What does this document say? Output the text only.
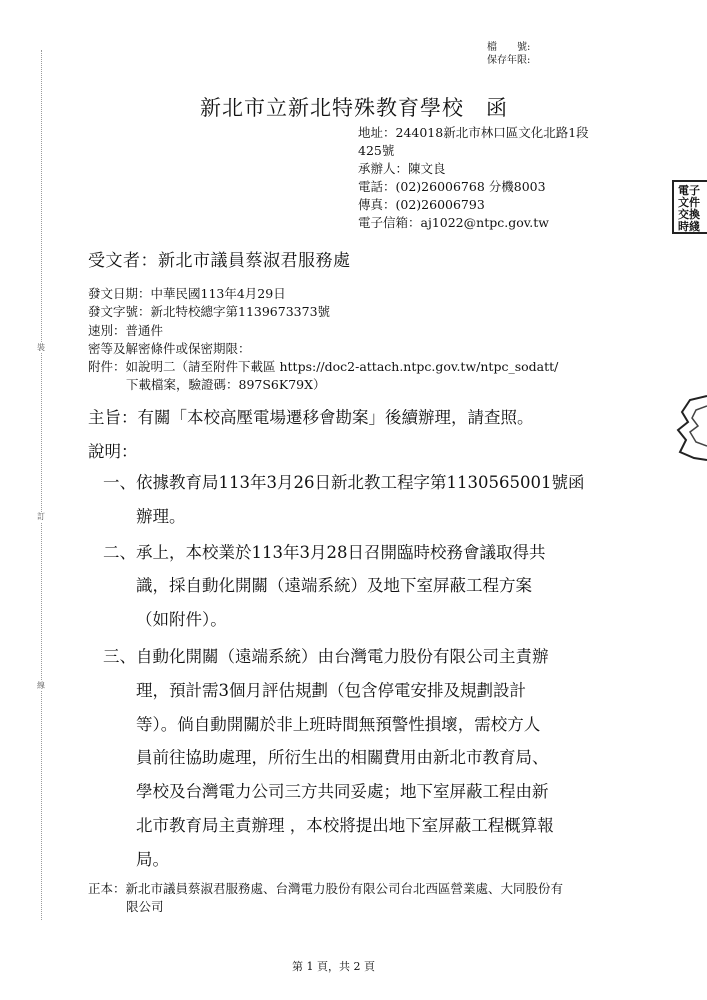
裝
訂
線
檔　　號:
保存年限:
新北市立新北特殊教育學校　函
地址：244018新北市林口區文化北路1段
425號
承辦人：陳文良
電話：(02)26006768 分機8003
傳真：(02)26006793
電子信箱：aj1022@ntpc.gov.tw
電子文件 交換 時綫
受文者：新北市議員蔡淑君服務處
發文日期：中華民國113年4月29日
發文字號：新北特校總字第1139673373號
速別：普通件
密等及解密條件或保密期限：
附件：如說明二（請至附件下載區 https://doc2-attach.ntpc.gov.tw/ntpc_sodatt/
下載檔案，驗證碼：897S6K79X）
主旨：有關「本校高壓電場遷移會勘案」後續辦理，請查照。
說明：
一、依據教育局113年3月26日新北教工程字第1130565001號函
辦理。
二、承上，本校業於113年3月28日召開臨時校務會議取得共
識，採自動化開關（遠端系統）及地下室屏蔽工程方案
（如附件）。
三、自動化開關（遠端系統）由台灣電力股份有限公司主責辦
理，預計需3個月評估規劃（包含停電安排及規劃設計
等）。倘自動開關於非上班時間無預警性損壞，需校方人
員前往協助處理，所衍生出的相關費用由新北市教育局、
學校及台灣電力公司三方共同妥處；地下室屏蔽工程由新
北市教育局主責辦理 ，本校將提出地下室屏蔽工程概算報
局。
正本：新北市議員蔡淑君服務處、台灣電力股份有限公司台北西區營業處、大同股份有
限公司
第 1 頁，共 2 頁
